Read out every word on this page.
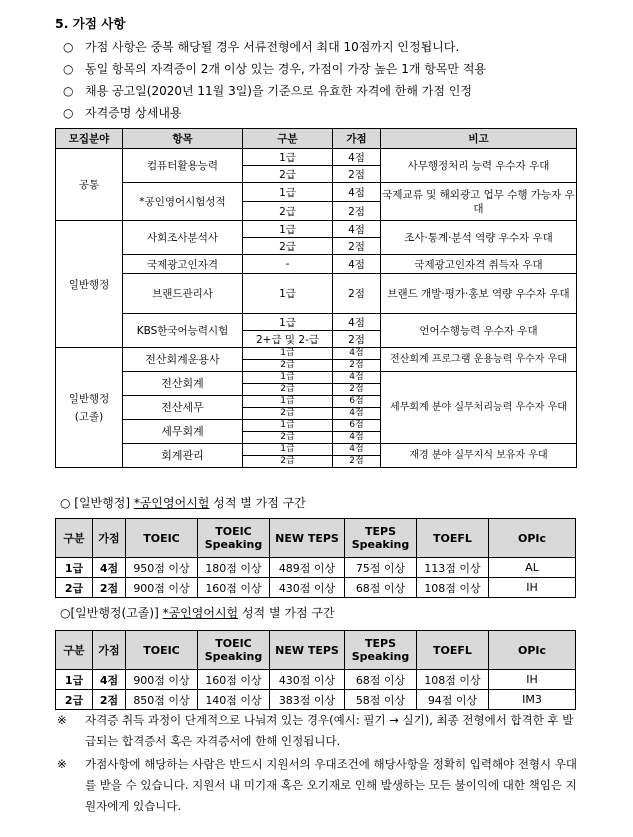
5. 가점 사항
○ 가점 사항은 중복 해당될 경우 서류전형에서 최대 10점까지 인정됩니다.
○ 동일 항목의 자격증이 2개 이상 있는 경우, 가점이 가장 높은 1개 항목만 적용
○ 채용 공고일(2020년 11월 3일)을 기준으로 유효한 자격에 한해 가점 인정
○ 자격증명 상세내용
모집분야	항목	구분	가점	비고
공통	컴퓨터활용능력	1급	4점	사무행정처리 능력 우수자 우대
		2급	2점	
	*공인영어시험성적	1급	4점	국제교류 및 해외광고 업무 수행 가능자 우대
		2급	2점	
일반행정	사회조사분석사	1급	4점	조사·통계·분석 역량 우수자 우대
		2급	2점	
	국제광고인자격	-	4점	국제광고인자격 취득자 우대
	브랜드관리사	1급	2점	브랜드 개발·평가·홍보 역량 우수자 우대

	KBS한국어능력시험	1급	4점	언어수행능력 우수자 우대
		2+급 및 2-급	2점	

일반행정
(고졸)	전산회계운용사	1급	4점	전산회계 프로그램 운용능력 우수자 우대
		2급	2점	
	전산회계	1급	4점	세무회계 분야 실무처리능력 우수자 우대
		2급	2점	
	전산세무	1급	6점	
		2급	4점	
	세무회계	1급	6점	
		2급	4점	
	회계관리	1급	4점	재경 분야 실무지식 보유자 우대
		2급	2점	
○ [일반행정] *공인영어시험 성적 별 가점 구간
구분	가점	TOEIC	TOEIC Speaking	NEW TEPS	TEPS Speaking	TOEFL	OPIc
1급	4점	950점 이상	180점 이상	489점 이상	75점 이상	113점 이상	AL
2급	2점	900점 이상	160점 이상	430점 이상	68점 이상	108점 이상	IH
○[일반행정(고졸)] *공인영어시험 성적 별 가점 구간
구분	가점	TOEIC	TOEIC Speaking	NEW TEPS	TEPS Speaking	TOEFL	OPIc
1급	4점	900점 이상	160점 이상	430점 이상	68점 이상	108점 이상	IH
2급	2점	850점 이상	140점 이상	383점 이상	58점 이상	94점 이상	IM3
※ 자격증 취득 과정이 단계적으로 나눠져 있는 경우(예시: 필기 → 실기), 최종 전형에서 합격한 후 발급되는 합격증서 혹은 자격증서에 한해 인정됩니다.
※ 가점사항에 해당하는 사람은 반드시 지원서의 우대조건에 해당사항을 정확히 입력해야 전형시 우대를 받을 수 있습니다. 지원서 내 미기재 혹은 오기재로 인해 발생하는 모든 불이익에 대한 책임은 지원자에게 있습니다.
